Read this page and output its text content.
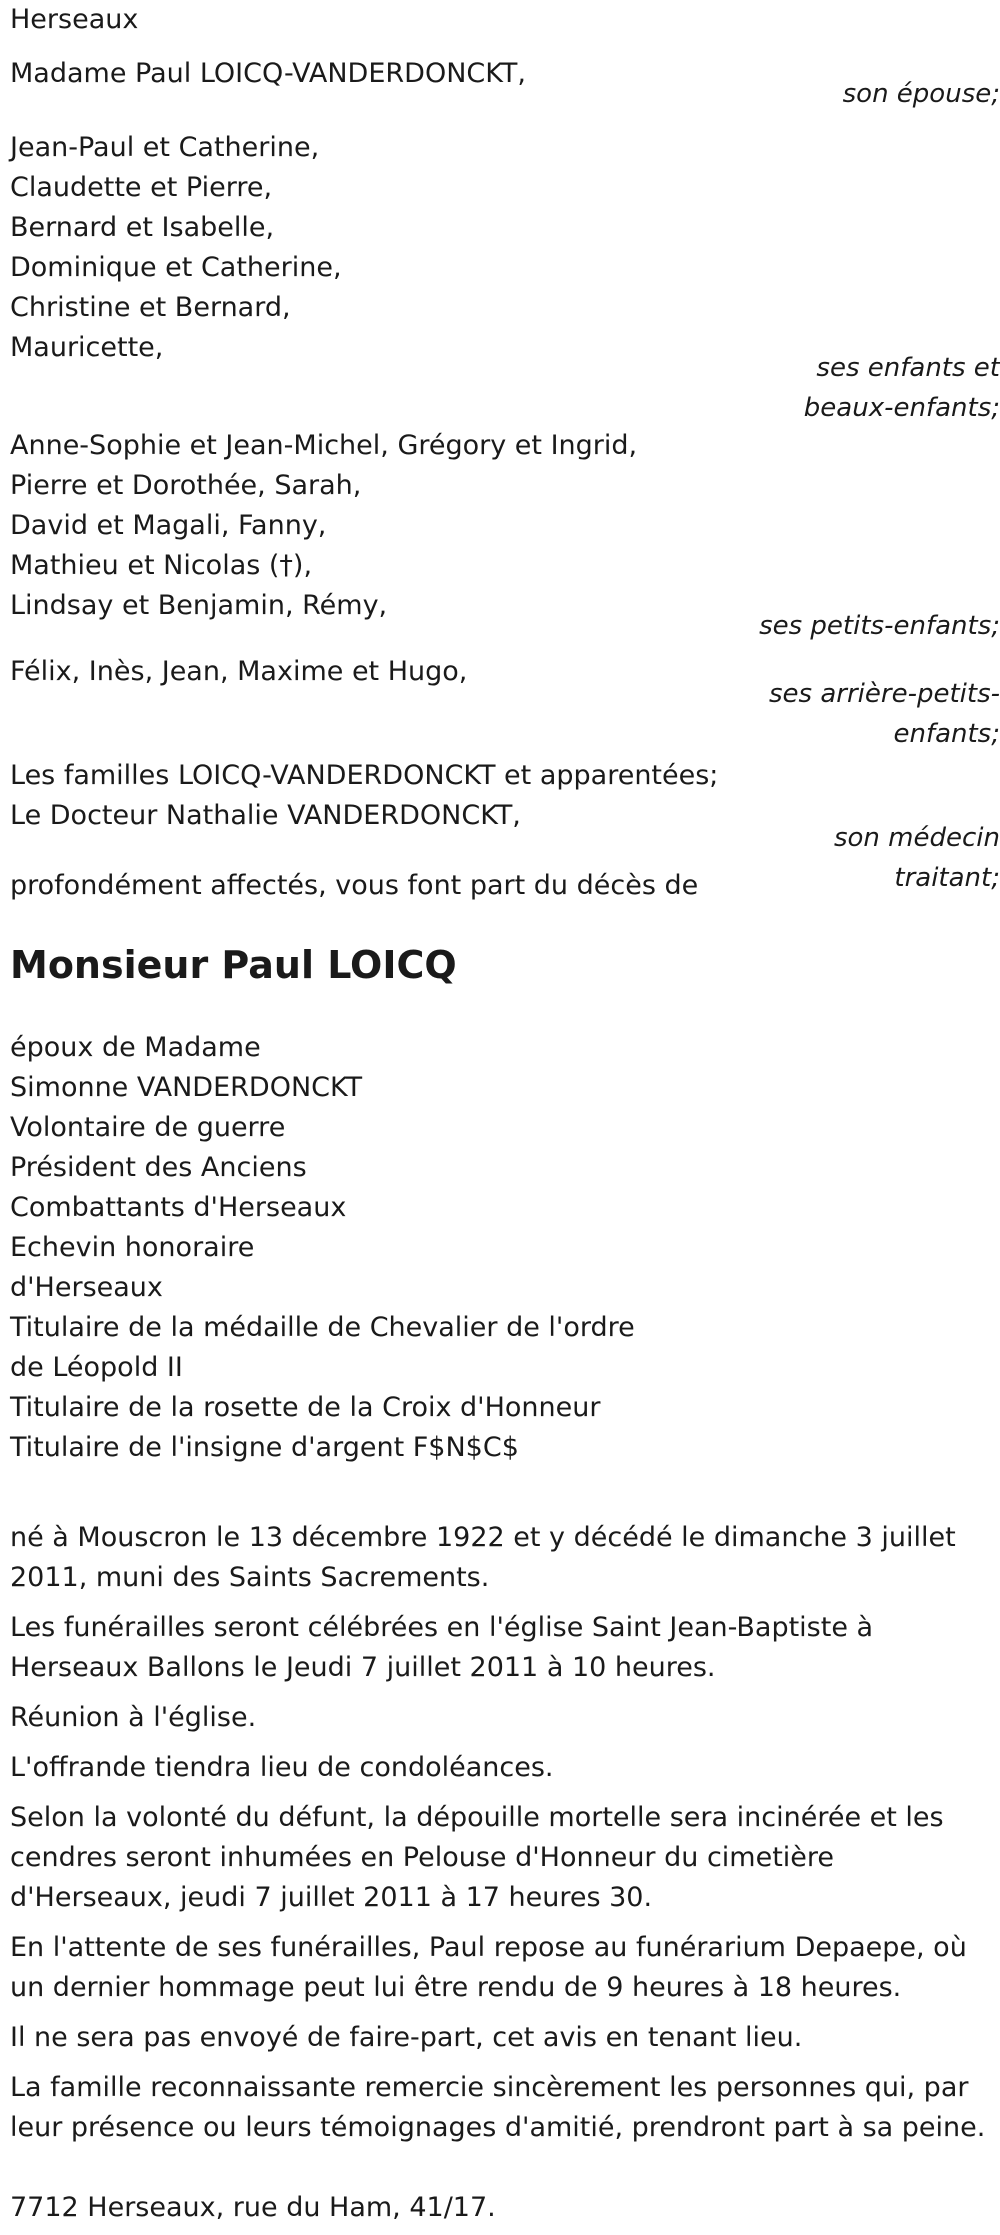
Herseaux
Madame Paul LOICQ-VANDERDONCKT,
son épouse;
Jean-Paul et Catherine,
Claudette et Pierre,
Bernard et Isabelle,
Dominique et Catherine,
Christine et Bernard,
Mauricette,
ses enfants et
beaux-enfants;
Anne-Sophie et Jean-Michel, Grégory et Ingrid,
Pierre et Dorothée, Sarah,
David et Magali, Fanny,
Mathieu et Nicolas (†),
Lindsay et Benjamin, Rémy,
ses petits-enfants;
Félix, Inès, Jean, Maxime et Hugo,
ses arrière-petits-
enfants;
Les familles LOICQ-VANDERDONCKT et apparentées;
Le Docteur Nathalie VANDERDONCKT,
son médecin
traitant;
profondément affectés, vous font part du décès de
Monsieur Paul LOICQ
époux de Madame
Simonne VANDERDONCKT
Volontaire de guerre
Président des Anciens
Combattants d'Herseaux
Echevin honoraire
d'Herseaux
Titulaire de la médaille de Chevalier de l'ordre
de Léopold II
Titulaire de la rosette de la Croix d'Honneur
Titulaire de l'insigne d'argent F$N$C$
né à Mouscron le 13 décembre 1922 et y décédé le dimanche 3 juillet 2011, muni des Saints Sacrements.
Les funérailles seront célébrées en l'église Saint Jean-Baptiste à Herseaux Ballons le Jeudi 7 juillet 2011 à 10 heures.
Réunion à l'église.
L'offrande tiendra lieu de condoléances.
Selon la volonté du défunt, la dépouille mortelle sera incinérée et les cendres seront inhumées en Pelouse d'Honneur du cimetière d'Herseaux, jeudi 7 juillet 2011 à 17 heures 30.
En l'attente de ses funérailles, Paul repose au funérarium Depaepe, où un dernier hommage peut lui être rendu de 9 heures à 18 heures.
Il ne sera pas envoyé de faire-part, cet avis en tenant lieu.
La famille reconnaissante remercie sincèrement les personnes qui, par leur présence ou leurs témoignages d'amitié, prendront part à sa peine.
7712 Herseaux, rue du Ham, 41/17.
